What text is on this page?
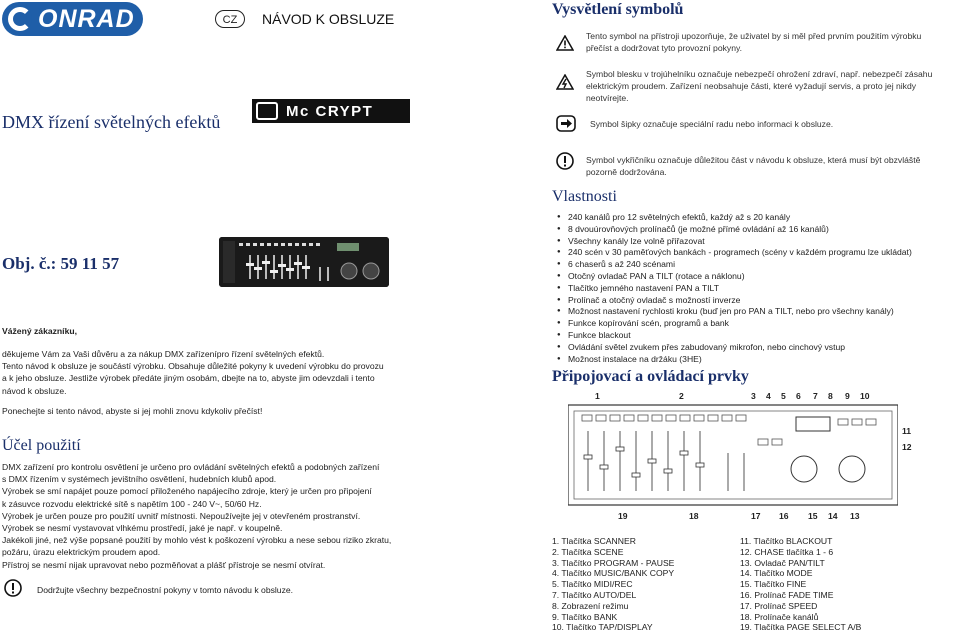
ONRAD	CZ	NÁVOD K OBSLUZE
DMX řízení světelných efektů
Mc CRYPT
Obj. č.: 59 11 57
Vážený zákazníku,
děkujeme Vám za Vaši důvěru a za nákup DMX zařízenípro řízení světelných efektů.
Tento návod k obsluze je součástí výrobku. Obsahuje důležité pokyny k uvedení výrobku do provozu
a k jeho obsluze. Jestliže výrobek předáte jiným osobám, dbejte na to, abyste jim odevzdali i tento
návod k obsluze.
Ponechejte si tento návod, abyste si jej mohli znovu kdykoliv přečíst!
Účel použití
DMX zařízení pro kontrolu osvětlení je určeno pro ovládání světelných efektů a podobných zařízení
s DMX řízením v systémech jevištního osvětlení, hudebních klubů apod.
Výrobek se smí napájet pouze pomocí přiloženého napájecího zdroje, který je určen pro připojení
k zásuvce rozvodu elektrické sítě s napětím 100 - 240 V~, 50/60 Hz.
Výrobek je určen pouze pro použití uvnitř místnosti. Nepoužívejte jej v otevřeném prostranství.
Výrobek se nesmí vystavovat vlhkému prostředí, jaké je např. v koupelně.
Jakékoli jiné, než výše popsané použití by mohlo vést k poškození výrobku a nese sebou riziko zkratu,
požáru, úrazu elektrickým proudem apod.
Přístroj se nesmí nijak upravovat nebo pozměňovat a plášť přístroje se nesmí otvírat.
Dodržujte všechny bezpečnostní pokyny v tomto návodu k obsluze.
Vysvětlení symbolů
Tento symbol na přístroji upozorňuje, že uživatel by si měl před prvním použitím výrobku
přečíst a dodržovat tyto provozní pokyny.
Symbol blesku v trojúhelníku označuje nebezpečí ohrožení zdraví, např. nebezpečí zásahu
elektrickým proudem. Zařízení neobsahuje části, které vyžadují servis, a proto jej nikdy
neotvírejte.
Symbol šipky označuje speciální radu nebo informaci k obsluze.
Symbol vykřičníku označuje důležitou část v návodu k obsluze, která musí být obzvláště
pozorně dodržována.
Vlastnosti
● 240 kanálů pro 12 světelných efektů, každý až s 20 kanály
● 8 dvouúrovňových prolínačů (je možné přímé ovládání až 16 kanálů)
● Všechny kanály lze volně přiřazovat
● 240 scén v 30 paměťových bankách - programech (scény v každém programu lze ukládat)
● 6 chaserů s až 240 scénami
● Otočný ovladač PAN a TILT (rotace a náklonu)
● Tlačítko jemného nastavení PAN a TILT
● Prolínač a otočný ovladač s možností inverze
● Možnost nastavení rychlosti kroku (buď jen pro PAN a TILT, nebo pro všechny kanály)
● Funkce kopírování scén, programů a bank
● Funkce blackout
● Ovládání světel zvukem přes zabudovaný mikrofon, nebo cinchový vstup
● Možnost instalace na držáku (3HE)
Připojovací a ovládací prvky
1	2	3 4 5 6 7 8 9 10
11
12
19	18	17 16 15 14 13
1. Tlačítka SCANNER
2. Tlačítka SCENE
3. Tlačítko PROGRAM - PAUSE
4. Tlačítko MUSIC/BANK COPY
5. Tlačítko MIDI/REC
7. Tlačítko AUTO/DEL
8. Zobrazení režimu
9. Tlačítko BANK
10. Tlačítko TAP/DISPLAY
11. Tlačítko BLACKOUT
12. CHASE tlačítka 1 - 6
13. Ovladač PAN/TILT
14. Tlačítko MODE
15. Tlačítko FINE
16. Prolínač FADE TIME
17. Prolínač SPEED
18. Prolínače kanálů
19. Tlačítka PAGE SELECT A/B
